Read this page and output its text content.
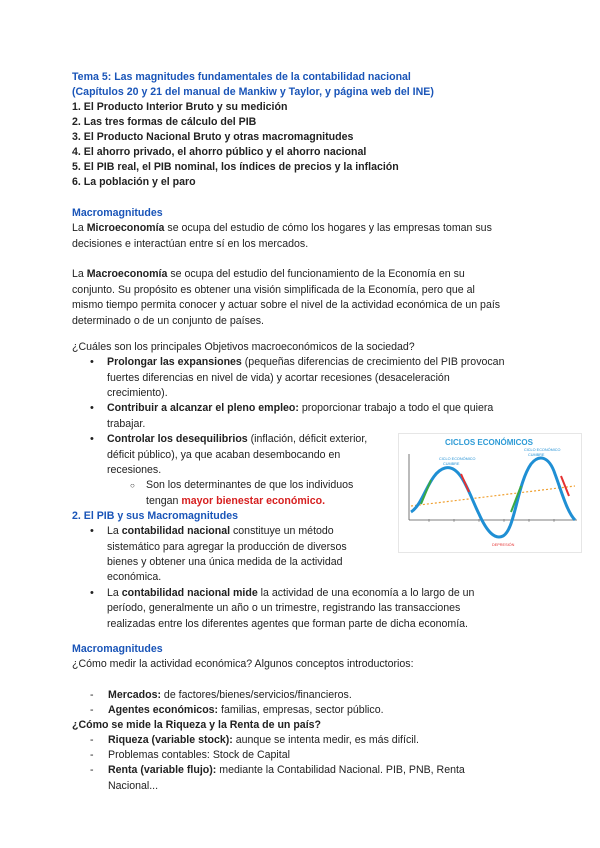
Tema 5: Las magnitudes fundamentales de la contabilidad nacional
(Capítulos 20 y 21 del manual de Mankiw y Taylor, y página web del INE)
1. El Producto Interior Bruto y su medición
2. Las tres formas de cálculo del PIB
3. El Producto Nacional Bruto y otras macromagnitudes
4. El ahorro privado, el ahorro público y el ahorro nacional
5. El PIB real, el PIB nominal, los índices de precios y la inflación
6. La población y el paro
Macromagnitudes

La Microeconomía se ocupa del estudio de cómo los hogares y las empresas toman sus
decisiones e interactúan entre sí en los mercados.

La Macroeconomía se ocupa del estudio del funcionamiento de la Economía en su
conjunto. Su propósito es obtener una visión simplificada de la Economía, pero que al
mismo tiempo permita conocer y actuar sobre el nivel de la actividad económica de un país
determinado o de un conjunto de países.

¿Cuáles son los principales Objetivos macroeconómicos de la sociedad?

• Prolongar las expansiones (pequeñas diferencias de crecimiento del PIB provocan
fuertes diferencias en nivel de vida) y acortar recesiones (desaceleración
crecimiento).
• Contribuir a alcanzar el pleno empleo: proporcionar trabajo a todo el que quiera
trabajar.
• Controlar los desequilibrios (inflación, déficit exterior,
déficit público), ya que acaban desembocando en
recesiones.
○ Son los determinantes de que los individuos
tengan mayor bienestar económico.
2. El PIB y sus Macromagnitudes
• La contabilidad nacional constituye un método
sistemático para agregar la producción de diversos
bienes y obtener una única medida de la actividad
económica.
• La contabilidad nacional mide la actividad de una economía a lo largo de un
período, generalmente un año o un trimestre, registrando las transacciones
realizadas entre los diferentes agentes que forman parte de dicha economía.
Macromagnitudes

¿Cómo medir la actividad económica? Algunos conceptos introductorios:

- Mercados: de factores/bienes/servicios/financieros.
- Agentes económicos: familias, empresas, sector público.
¿Cómo se mide la Riqueza y la Renta de un país?
- Riqueza (variable stock): aunque se intenta medir, es más difícil.
- Problemas contables: Stock de Capital
- Renta (variable flujo): mediante la Contabilidad Nacional. PIB, PNB, Renta
Nacional...
CICLOS ECONÓMICOS
CICLO ECONÓMICO
CUMBRE
CICLO ECONÓMICO
CUMBRE
DEPRESIÓN
